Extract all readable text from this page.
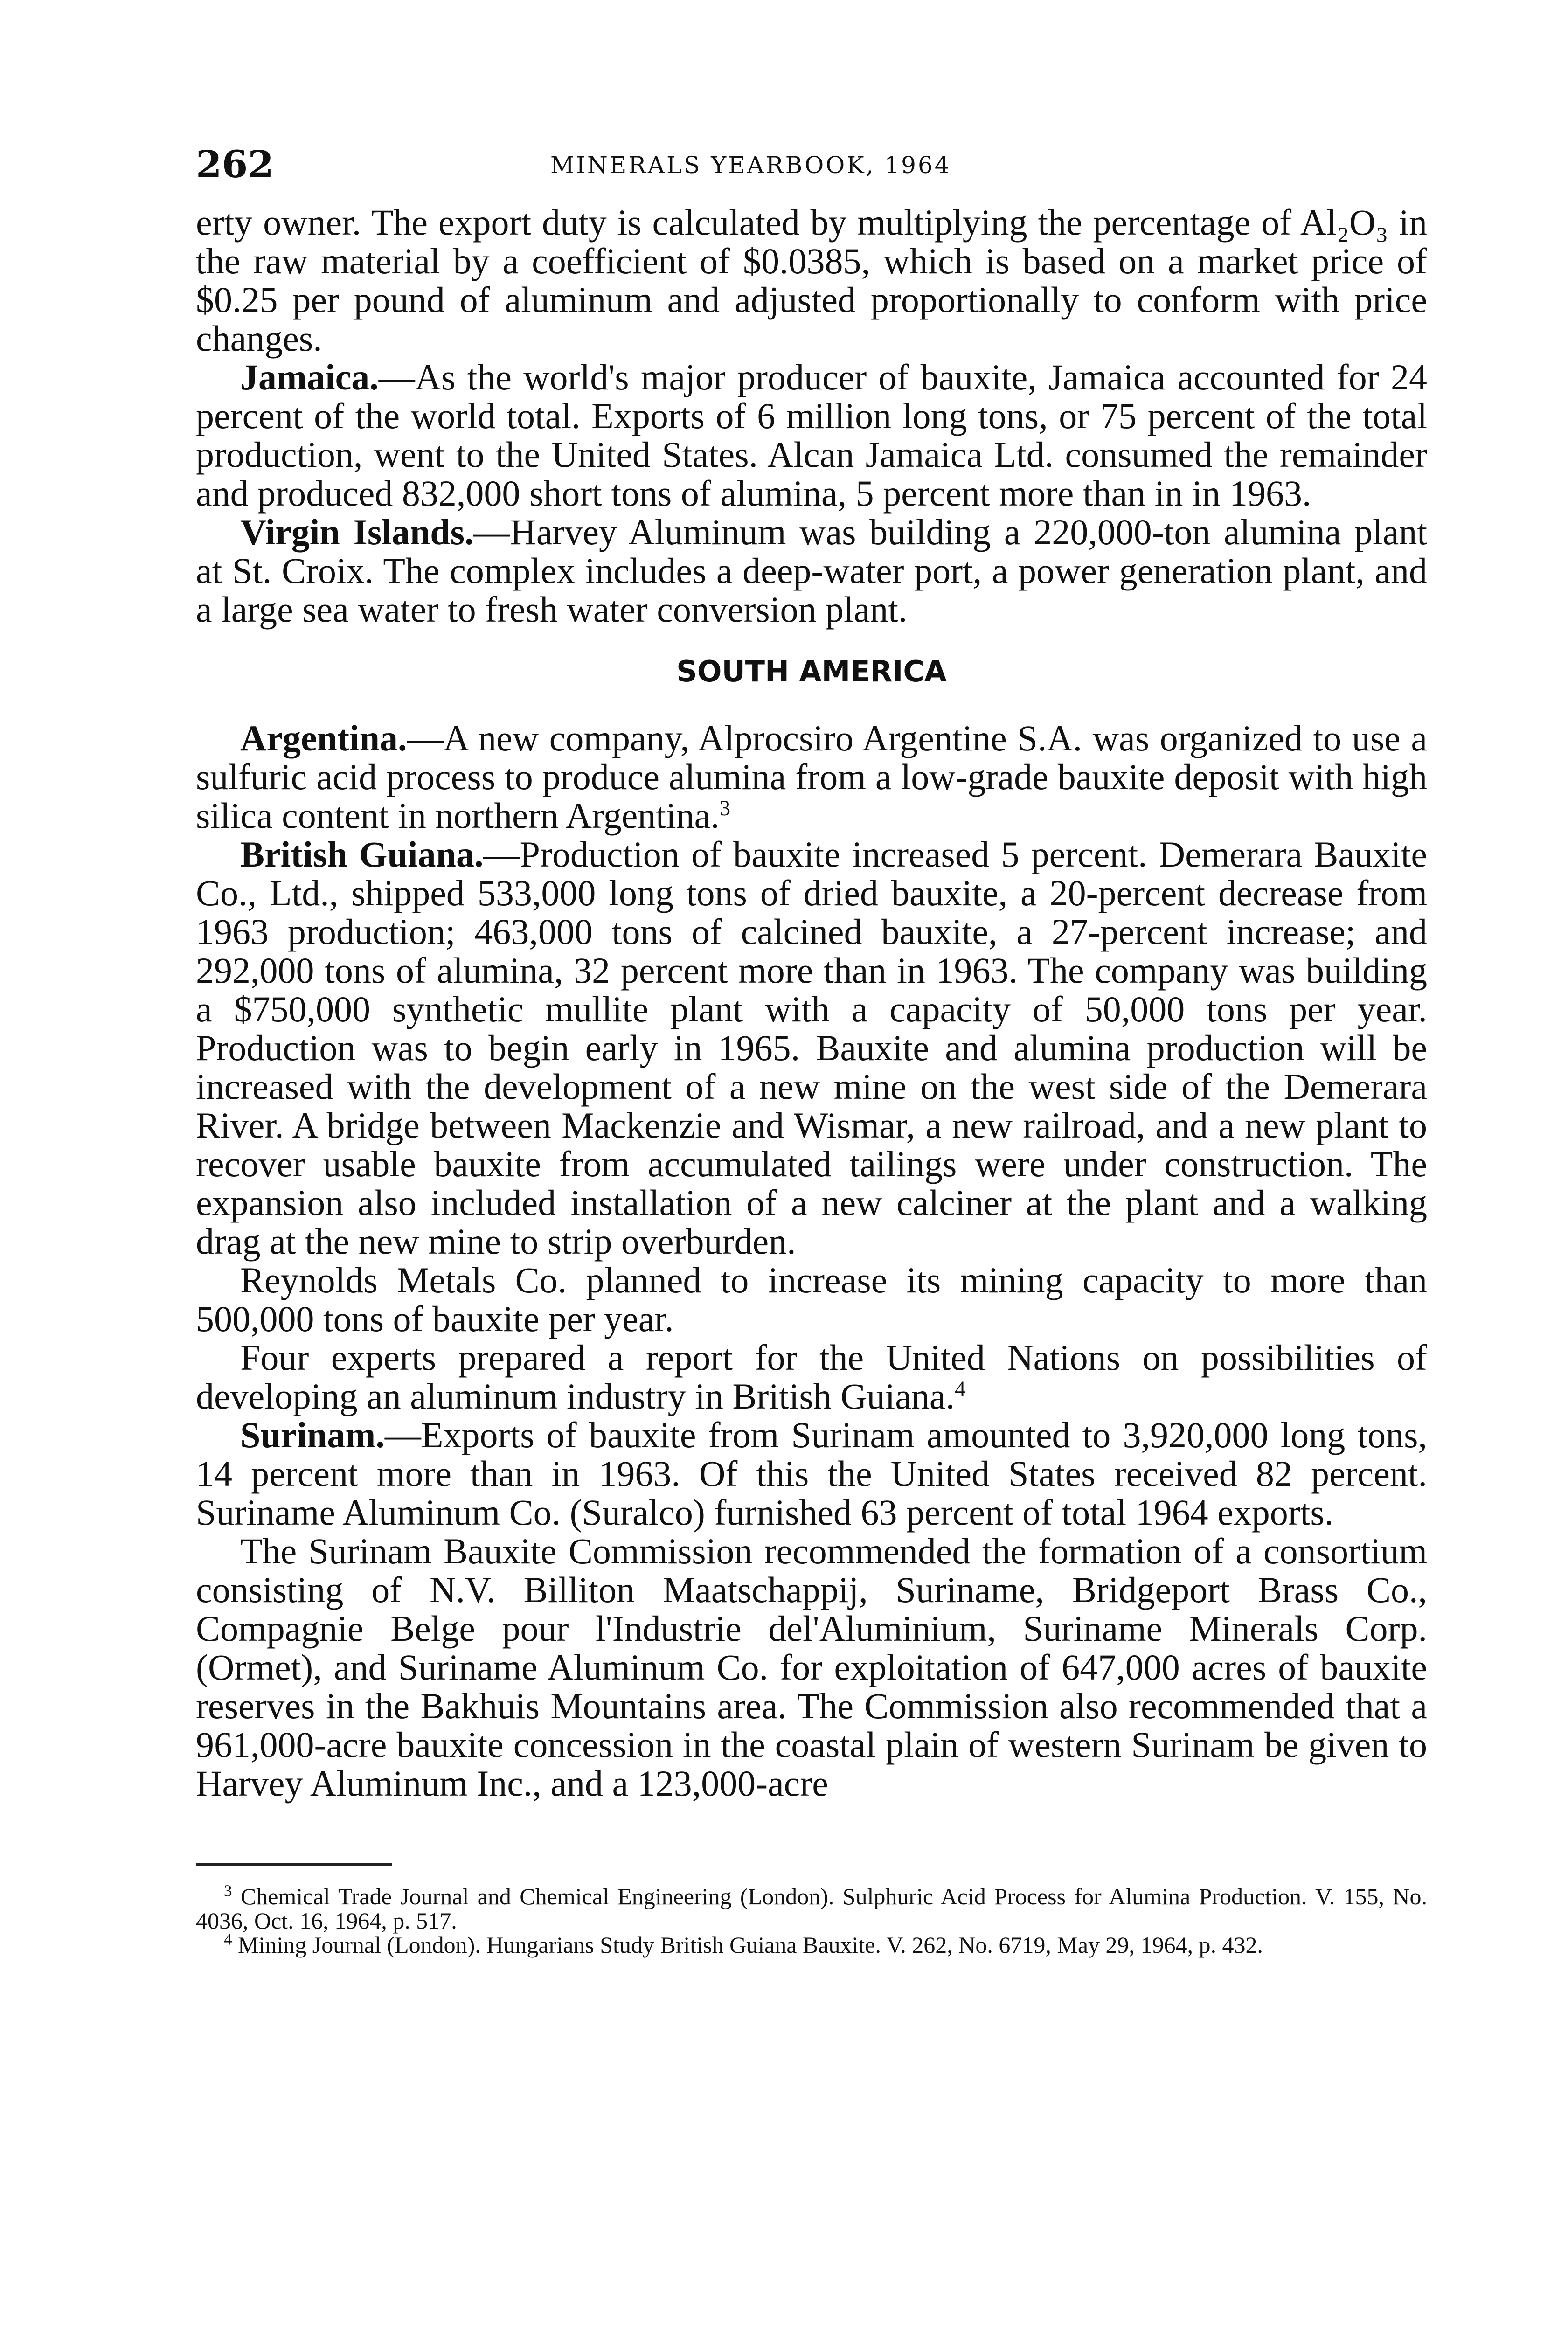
262	MINERALS YEARBOOK, 1964

erty owner. The export duty is calculated by multiplying the percentage of Al₂O₃ in the raw material by a coefficient of $0.0385, which is based on a market price of $0.25 per pound of aluminum and adjusted proportionally to conform with price changes.

Jamaica.—As the world's major producer of bauxite, Jamaica accounted for 24 percent of the world total. Exports of 6 million long tons, or 75 percent of the total production, went to the United States. Alcan Jamaica Ltd. consumed the remainder and produced 832,000 short tons of alumina, 5 percent more than in in 1963.

Virgin Islands.—Harvey Aluminum was building a 220,000-ton alumina plant at St. Croix. The complex includes a deep-water port, a power generation plant, and a large sea water to fresh water conversion plant.

SOUTH AMERICA

Argentina.—A new company, Alprocsiro Argentine S.A. was organized to use a sulfuric acid process to produce alumina from a low-grade bauxite deposit with high silica content in northern Argentina.$^3$

British Guiana.—Production of bauxite increased 5 percent. Demerara Bauxite Co., Ltd., shipped 533,000 long tons of dried bauxite, a 20-percent decrease from 1963 production; 463,000 tons of calcined bauxite, a 27-percent increase; and 292,000 tons of alumina, 32 percent more than in 1963. The company was building a $750,000 synthetic mullite plant with a capacity of 50,000 tons per year. Production was to begin early in 1965. Bauxite and alumina production will be increased with the development of a new mine on the west side of the Demerara River. A bridge between Mackenzie and Wismar, a new railroad, and a new plant to recover usable bauxite from accumulated tailings were under construction. The expansion also included installation of a new calciner at the plant and a walking drag at the new mine to strip overburden.

Reynolds Metals Co. planned to increase its mining capacity to more than 500,000 tons of bauxite per year.

Four experts prepared a report for the United Nations on possibilities of developing an aluminum industry in British Guiana.$^4$

Surinam.—Exports of bauxite from Surinam amounted to 3,920,000 long tons, 14 percent more than in 1963. Of this the United States received 82 percent. Suriname Aluminum Co. (Suralco) furnished 63 percent of total 1964 exports.

The Surinam Bauxite Commission recommended the formation of a consortium consisting of N.V. Billiton Maatschappij, Suriname, Bridgeport Brass Co., Compagnie Belge pour l'Industrie del'Aluminium, Suriname Minerals Corp. (Ormet), and Suriname Aluminum Co. for exploitation of 647,000 acres of bauxite reserves in the Bakhuis Mountains area. The Commission also recommended that a 961,000-acre bauxite concession in the coastal plain of western Surinam be given to Harvey Aluminum Inc., and a 123,000-acre

$^3$ Chemical Trade Journal and Chemical Engineering (London). Sulphuric Acid Process for Alumina Production. V. 155, No. 4036, Oct. 16, 1964, p. 517.

$^4$ Mining Journal (London). Hungarians Study British Guiana Bauxite. V. 262, No. 6719, May 29, 1964, p. 432.
